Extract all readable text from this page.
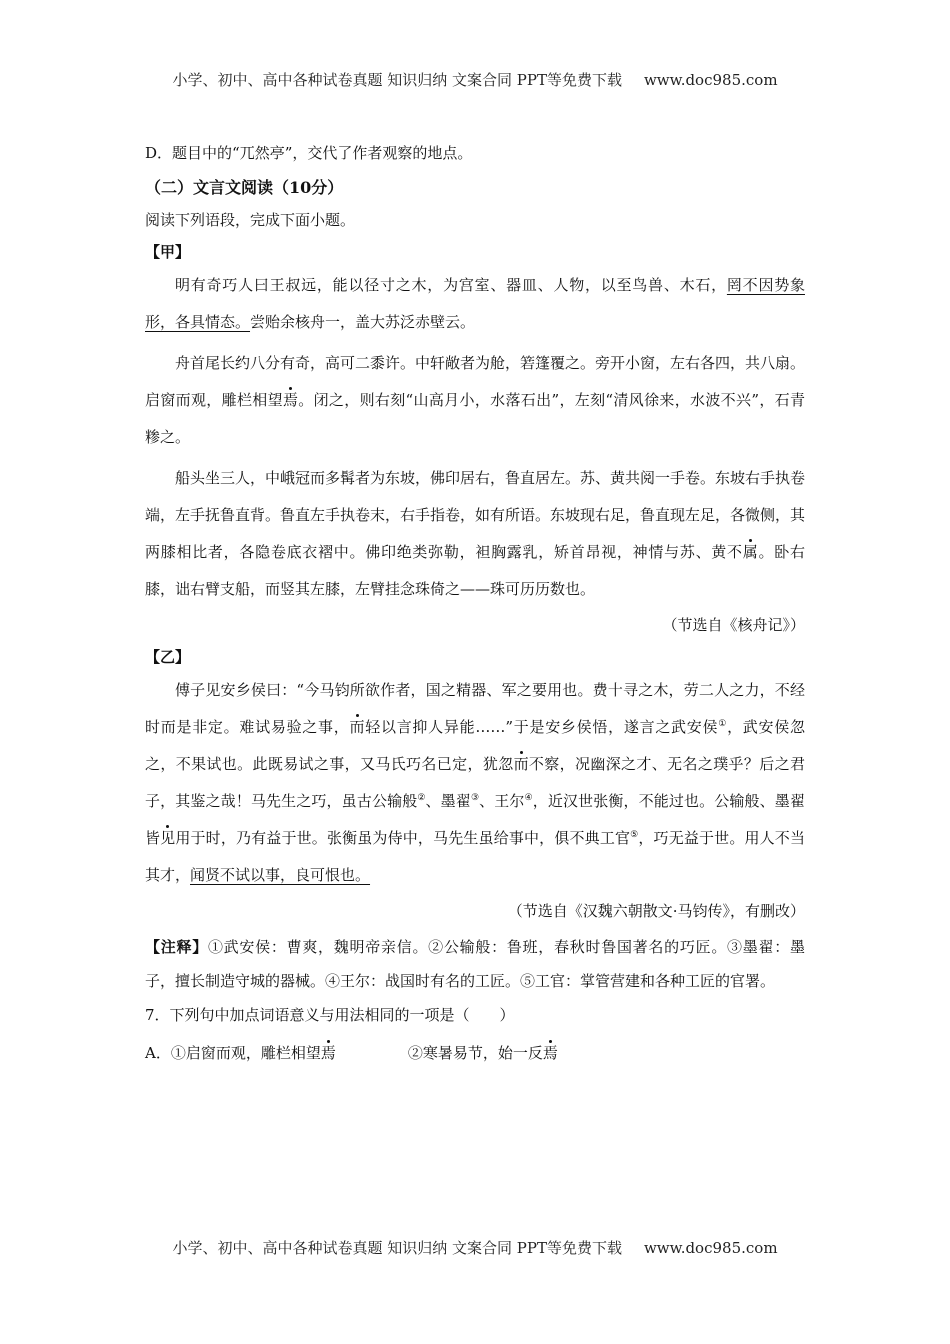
小学、初中、高中各种试卷真题 知识归纳 文案合同 PPT等免费下载 www.doc985.com
D．题目中的“兀然亭”，交代了作者观察的地点。
（二）文言文阅读（10分）
阅读下列语段，完成下面小题。
【甲】
明有奇巧人曰王叔远，能以径寸之木，为宫室、器皿、人物，以至鸟兽、木石，罔不因势象形，各具情态。尝贻余核舟一，盖大苏泛赤壁云。
舟首尾长约八分有奇，高可二黍许。中轩敞者为舱，箬篷覆之。旁开小窗，左右各四，共八扇。启窗而观，雕栏相望焉。闭之，则右刻“山高月小，水落石出”，左刻“清风徐来，水波不兴”，石青糁之。
船头坐三人，中峨冠而多髯者为东坡，佛印居右，鲁直居左。苏、黄共阅一手卷。东坡右手执卷端，左手抚鲁直背。鲁直左手执卷末，右手指卷，如有所语。东坡现右足，鲁直现左足，各微侧，其两膝相比者，各隐卷底衣褶中。佛印绝类弥勒，袒胸露乳，矫首昂视，神情与苏、黄不属。卧右膝，诎右臂支船，而竖其左膝，左臂挂念珠倚之——珠可历历数也。
（节选自《核舟记》）
【乙】
傅子见安乡侯曰：“今马钧所欲作者，国之精器、军之要用也。费十寻之木，劳二人之力，不经时而是非定。难试易验之事，而轻以言抑人异能……”于是安乡侯悟，遂言之武安侯①，武安侯忽之，不果试也。此既易试之事，又马氏巧名已定，犹忽而不察，况幽深之才、无名之璞乎？后之君子，其鉴之哉！马先生之巧，虽古公输般②、墨翟③、王尔④，近汉世张衡，不能过也。公输般、墨翟皆见用于时，乃有益于世。张衡虽为侍中，马先生虽给事中，俱不典工官⑤，巧无益于世。用人不当其才，闻贤不试以事，良可恨也。
（节选自《汉魏六朝散文·马钧传》，有删改）
【注释】①武安侯：曹爽，魏明帝亲信。②公输般：鲁班，春秋时鲁国著名的巧匠。③墨翟：墨子，擅长制造守城的器械。④王尔：战国时有名的工匠。⑤工官：掌管营建和各种工匠的官署。
7．下列句中加点词语意义与用法相同的一项是（　　）
A．①启窗而观，雕栏相望焉	②寒暑易节，始一反焉
小学、初中、高中各种试卷真题 知识归纳 文案合同 PPT等免费下载 www.doc985.com
